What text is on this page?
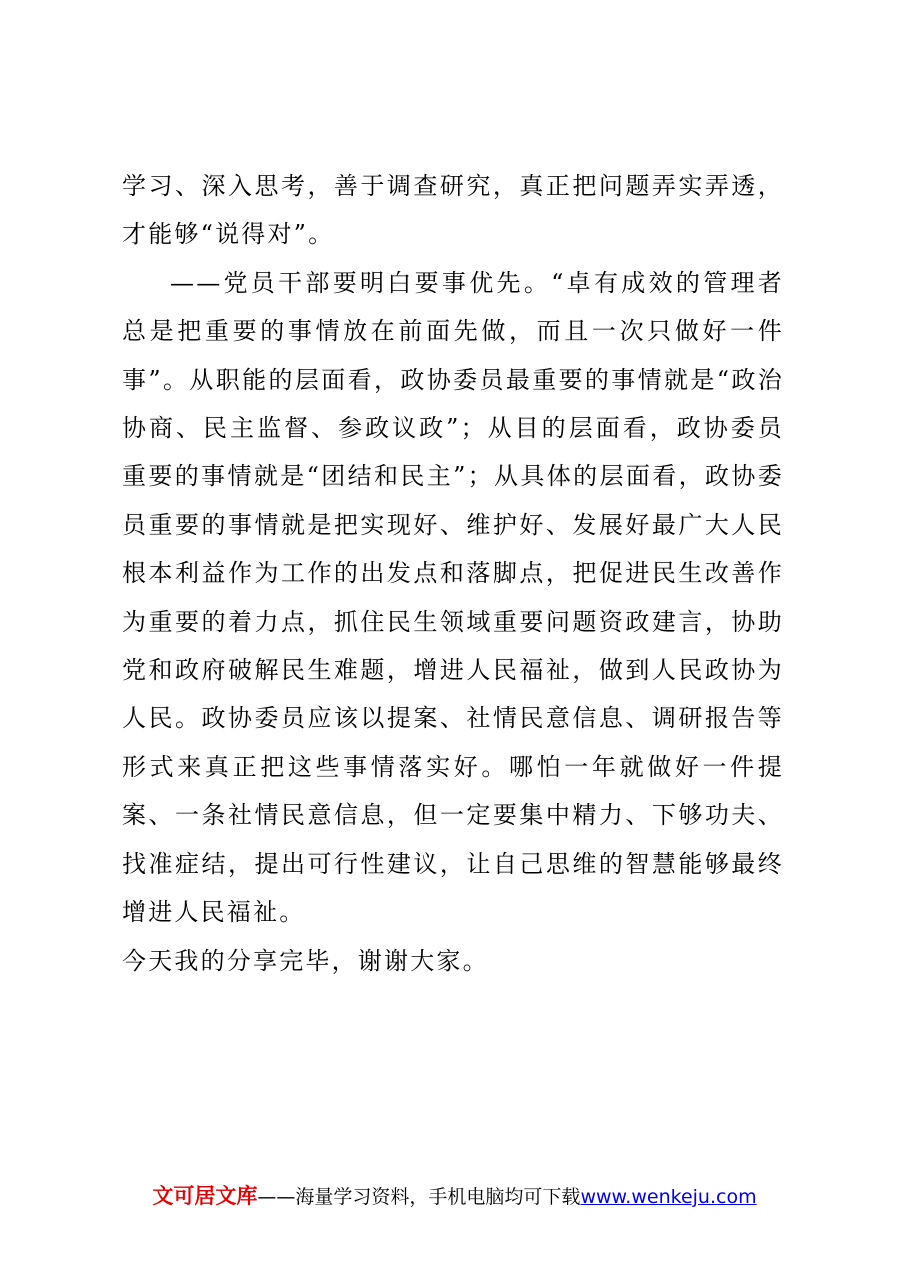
学习、深入思考，善于调查研究，真正把问题弄实弄透，才能够“说得对”。

——党员干部要明白要事优先。“卓有成效的管理者总是把重要的事情放在前面先做，而且一次只做好一件事”。从职能的层面看，政协委员最重要的事情就是“政治协商、民主监督、参政议政”；从目的层面看，政协委员重要的事情就是“团结和民主”；从具体的层面看，政协委员重要的事情就是把实现好、维护好、发展好最广大人民根本利益作为工作的出发点和落脚点，把促进民生改善作为重要的着力点，抓住民生领域重要问题资政建言，协助党和政府破解民生难题，增进人民福祉，做到人民政协为人民。政协委员应该以提案、社情民意信息、调研报告等形式来真正把这些事情落实好。哪怕一年就做好一件提案、一条社情民意信息，但一定要集中精力、下够功夫、找准症结，提出可行性建议，让自己思维的智慧能够最终增进人民福祉。

今天我的分享完毕，谢谢大家。

文可居文库——海量学习资料，手机电脑均可下载www.wenkeju.com
